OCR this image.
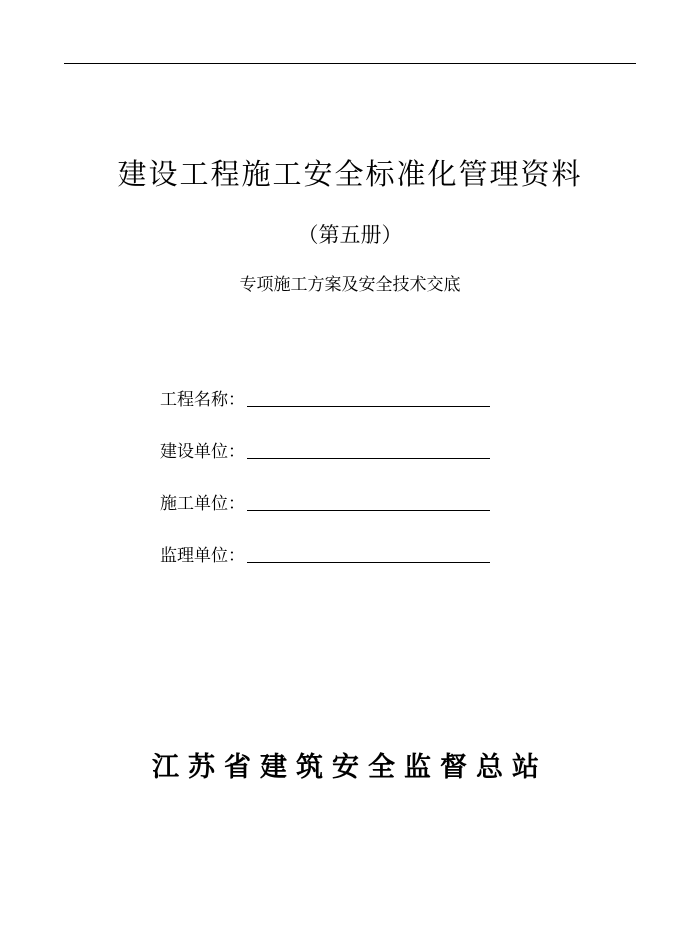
建设工程施工安全标准化管理资料
（第五册）
专项施工方案及安全技术交底
工程名称：
建设单位：
施工单位：
监理单位：
江苏省建筑安全监督总站
